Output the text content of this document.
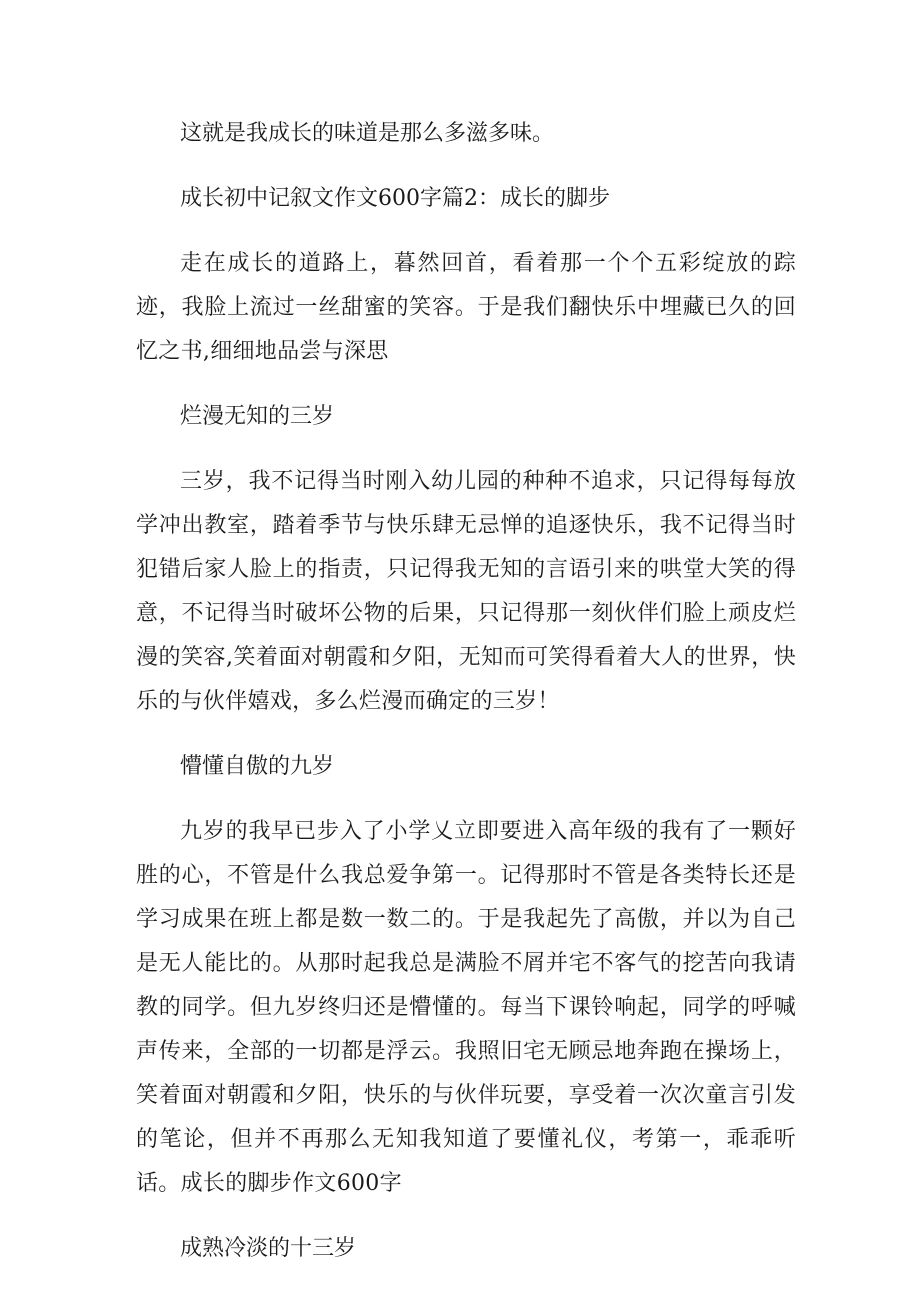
这就是我成长的味道是那么多滋多味。

成长初中记叙文作文600字篇2：成长的脚步

走在成长的道路上，暮然回首，看着那一个个五彩绽放的踪迹，我脸上流过一丝甜蜜的笑容。于是我们翻快乐中埋藏已久的回忆之书,细细地品尝与深思

烂漫无知的三岁

三岁，我不记得当时刚入幼儿园的种种不追求，只记得每每放学冲出教室，踏着季节与快乐肆无忌惮的追逐快乐，我不记得当时犯错后家人脸上的指责，只记得我无知的言语引来的哄堂大笑的得意，不记得当时破坏公物的后果，只记得那一刻伙伴们脸上顽皮烂漫的笑容,笑着面对朝霞和夕阳，无知而可笑得看着大人的世界，快乐的与伙伴嬉戏，多么烂漫而确定的三岁！

懵懂自傲的九岁

九岁的我早已步入了小学乂立即要进入高年级的我有了一颗好胜的心，不管是什么我总爱争第一。记得那时不管是各类特长还是学习成果在班上都是数一数二的。于是我起先了高傲，并以为自己是无人能比的。从那时起我总是满脸不屑并宅不客气的挖苦向我请教的同学。但九岁终归还是懵懂的。每当下课铃响起，同学的呼喊声传来，全部的一切都是浮云。我照旧宅无顾忌地奔跑在操场上，笑着面对朝霞和夕阳，快乐的与伙伴玩要，享受着一次次童言引发的笔论，但并不再那么无知我知道了要懂礼仪，考第一，乖乖听话。成长的脚步作文600字

成熟冷淡的十三岁
